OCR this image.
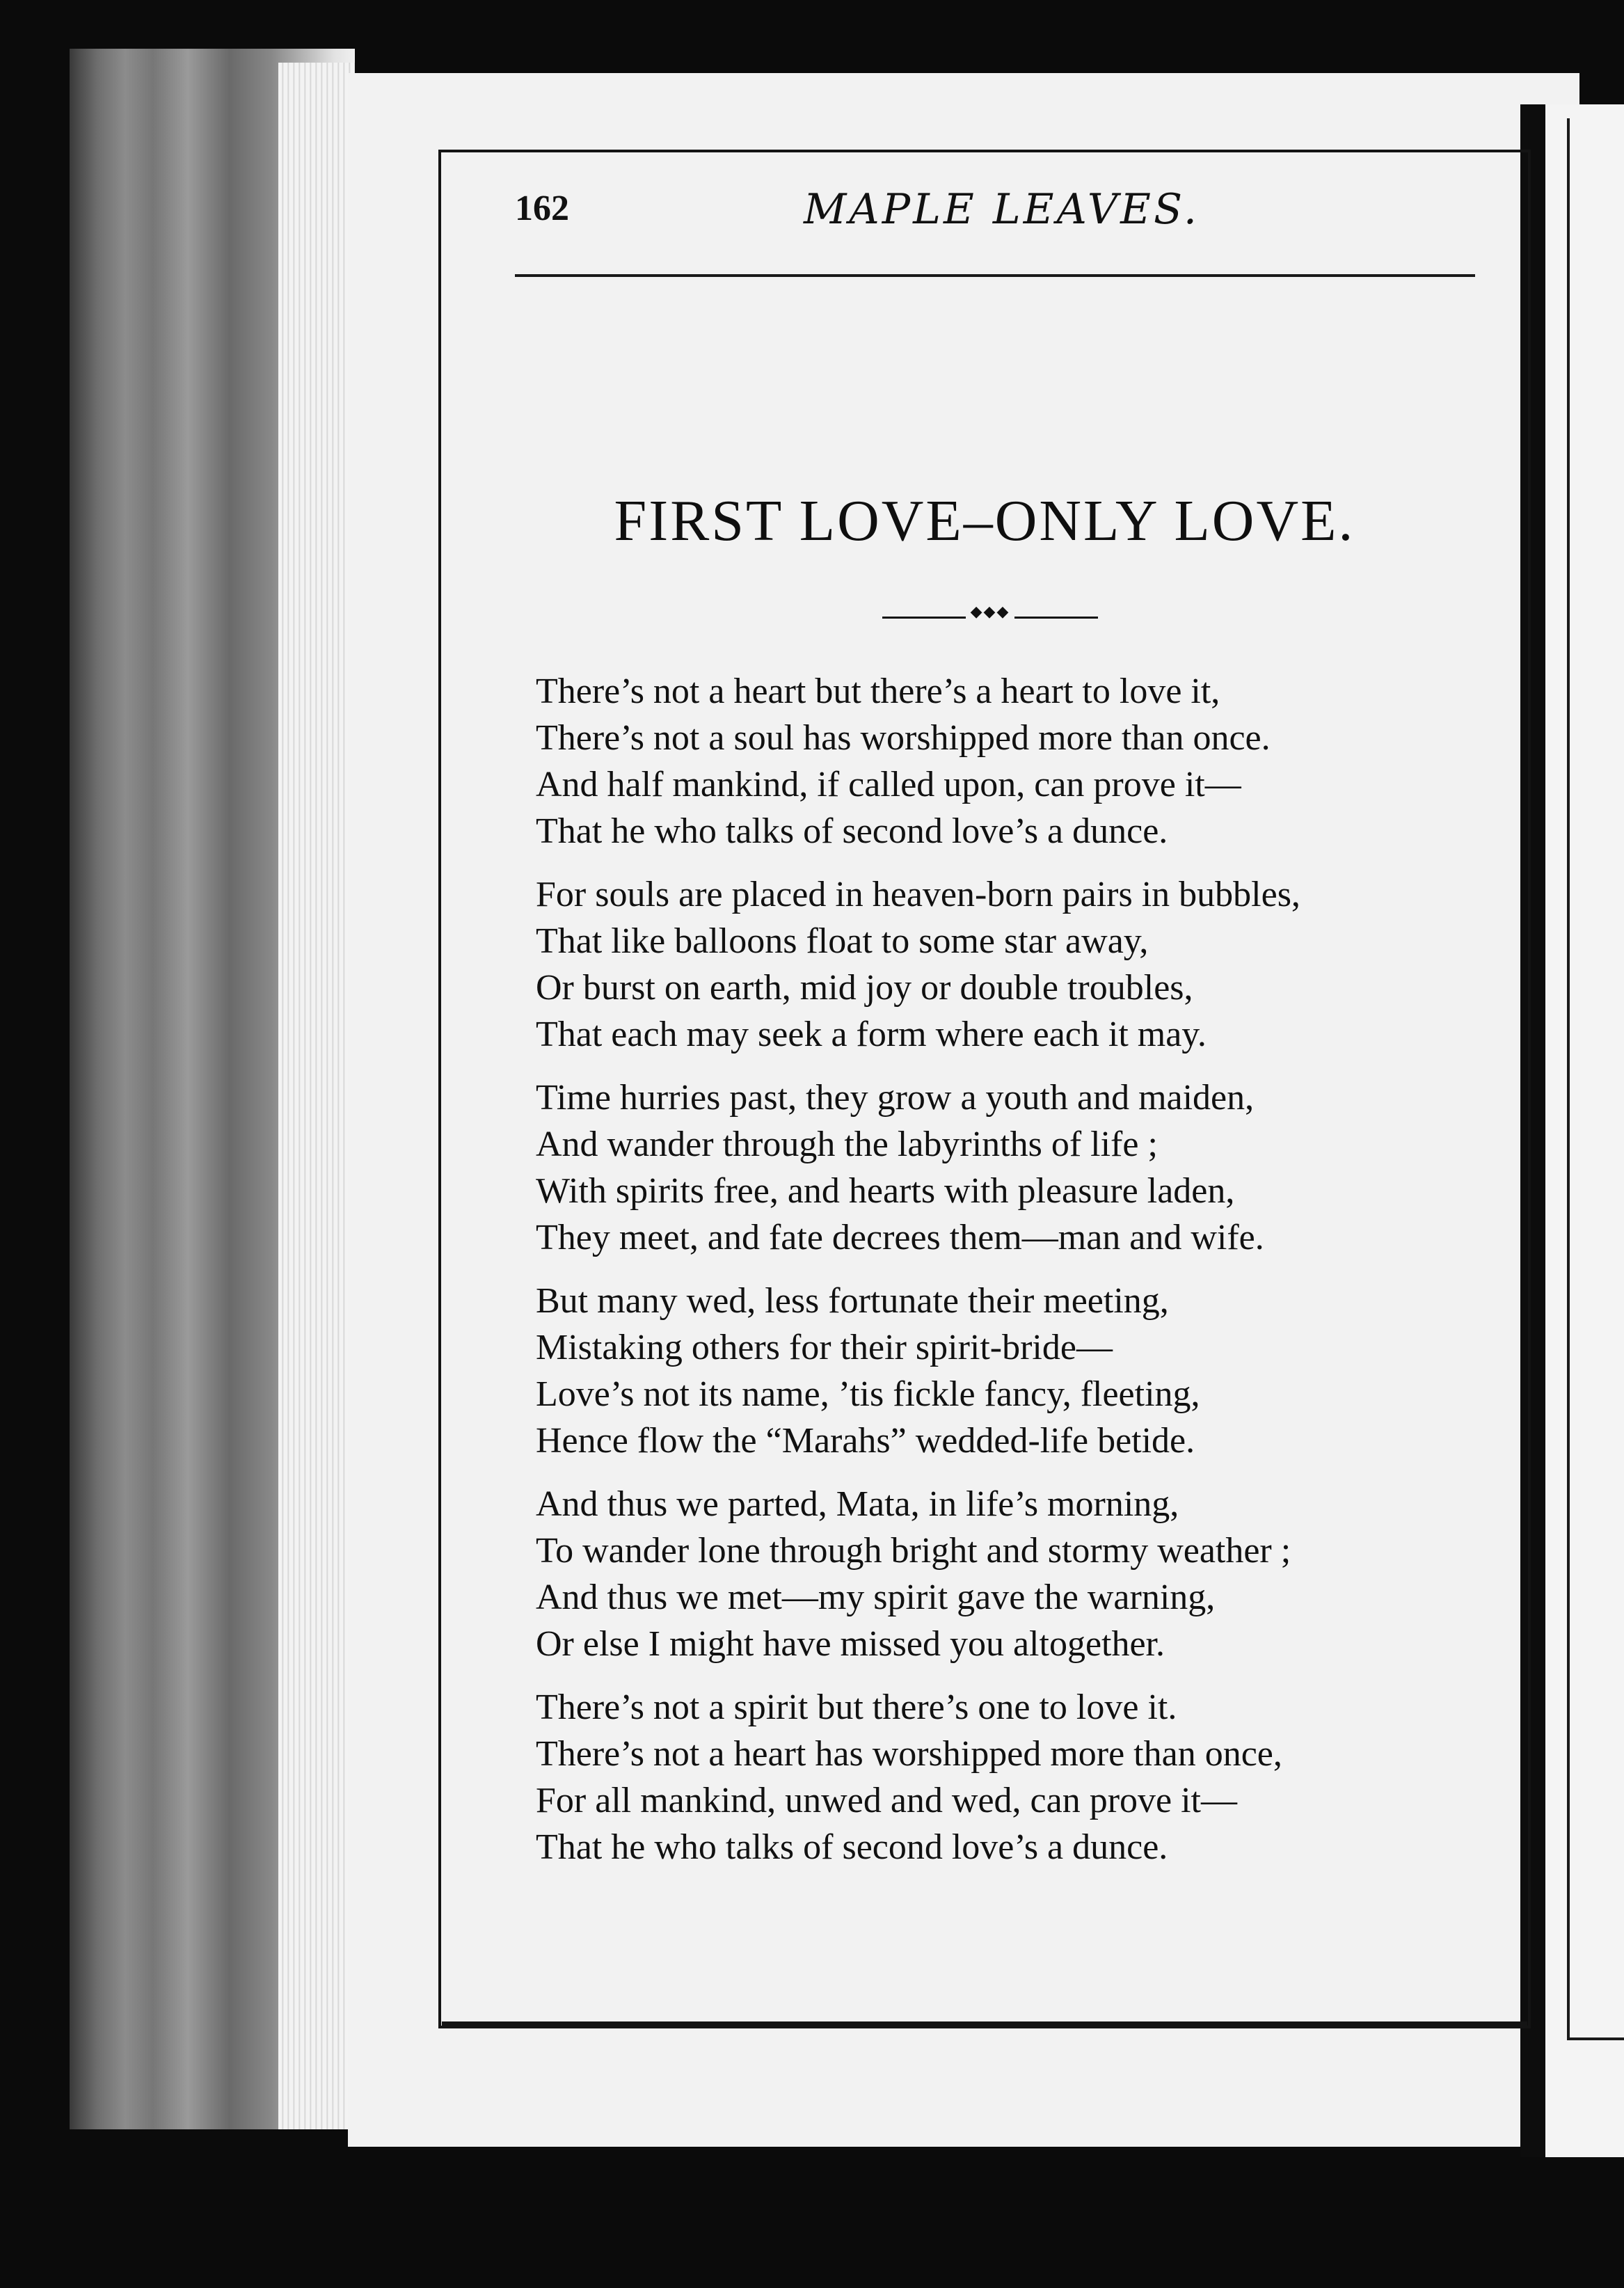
162	MAPLE LEAVES.
FIRST LOVE–ONLY LOVE.
◆◆◆
There’s not a heart but there’s a heart to love it,
There’s not a soul has worshipped more than once.
And half mankind, if called upon, can prove it—
That he who talks of second love’s a dunce.
For souls are placed in heaven-born pairs in bubbles,
That like balloons float to some star away,
Or burst on earth, mid joy or double troubles,
That each may seek a form where each it may.
Time hurries past, they grow a youth and maiden,
And wander through the labyrinths of life ;
With spirits free, and hearts with pleasure laden,
They meet, and fate decrees them—man and wife.
But many wed, less fortunate their meeting,
Mistaking others for their spirit-bride—
Love’s not its name, ’tis fickle fancy, fleeting,
Hence flow the “Marahs” wedded-life betide.
And thus we parted, Mata, in life’s morning,
To wander lone through bright and stormy weather ;
And thus we met—my spirit gave the warning,
Or else I might have missed you altogether.
There’s not a spirit but there’s one to love it.
There’s not a heart has worshipped more than once,
For all mankind, unwed and wed, can prove it—
That he who talks of second love’s a dunce.
